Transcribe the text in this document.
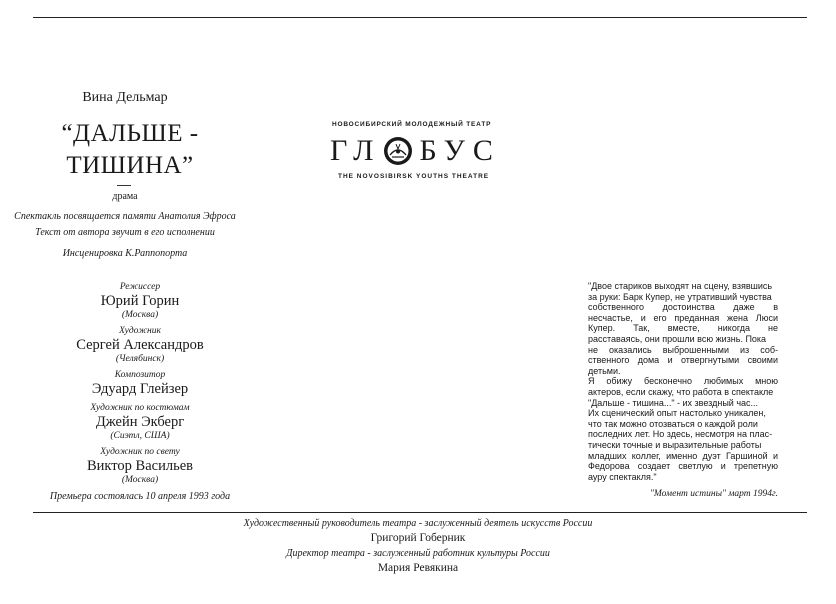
Вина Дельмар
“ДАЛЬШЕ -
ТИШИНА”
драма
Спектакль посвящается памяти Анатолия Эфроса
Текст от автора звучит в его исполнении
Инсценировка К.Раппопорта
Режиссер
Юрий Горин
(Москва)
Художник
Сергей Александров
(Челябинск)
Композитор
Эдуард Глейзер
Художник по костюмам
Джейн Экберг
(Сиэтл, США)
Художник по свету
Виктор Васильев
(Москва)
Премьера состоялась 10 апреля 1993 года
НОВОСИБИРСКИЙ МОЛОДЕЖНЫЙ ТЕАТР
ГЛ БУС
THE NOVOSIBIRSK YOUTHS THEATRE

"Двое стариков выходят на сцену, взявшись

за руки: Барк Купер, не утративший чувства

собственного достоинства даже в

несчастье, и его преданная жена Люси

Купер. Так, вместе, никогда не

расставаясь, они прошли всю жизнь. Пока

не оказались выброшенными из соб-

ственного дома и отвергнутыми своими

детьми.

Я обижу бесконечно любимых мною

актеров, если скажу, что работа в спектакле

"Дальше - тишина..." - их звездный час...

Их сценический опыт настолько уникален,

что так можно отозваться о каждой роли

последних лет. Но здесь, несмотря на плас-

тически точные и выразительные работы

младших коллег, именно дуэт Гаршиной и

Федорова создает светлую и трепетную

ауру спектакля."

"Момент истины" март 1994г.
Художественный руководитель театра - заслуженный деятель искусств России
Григорий Гоберник
Директор театра - заслуженный работник культуры России
Мария Ревякина
